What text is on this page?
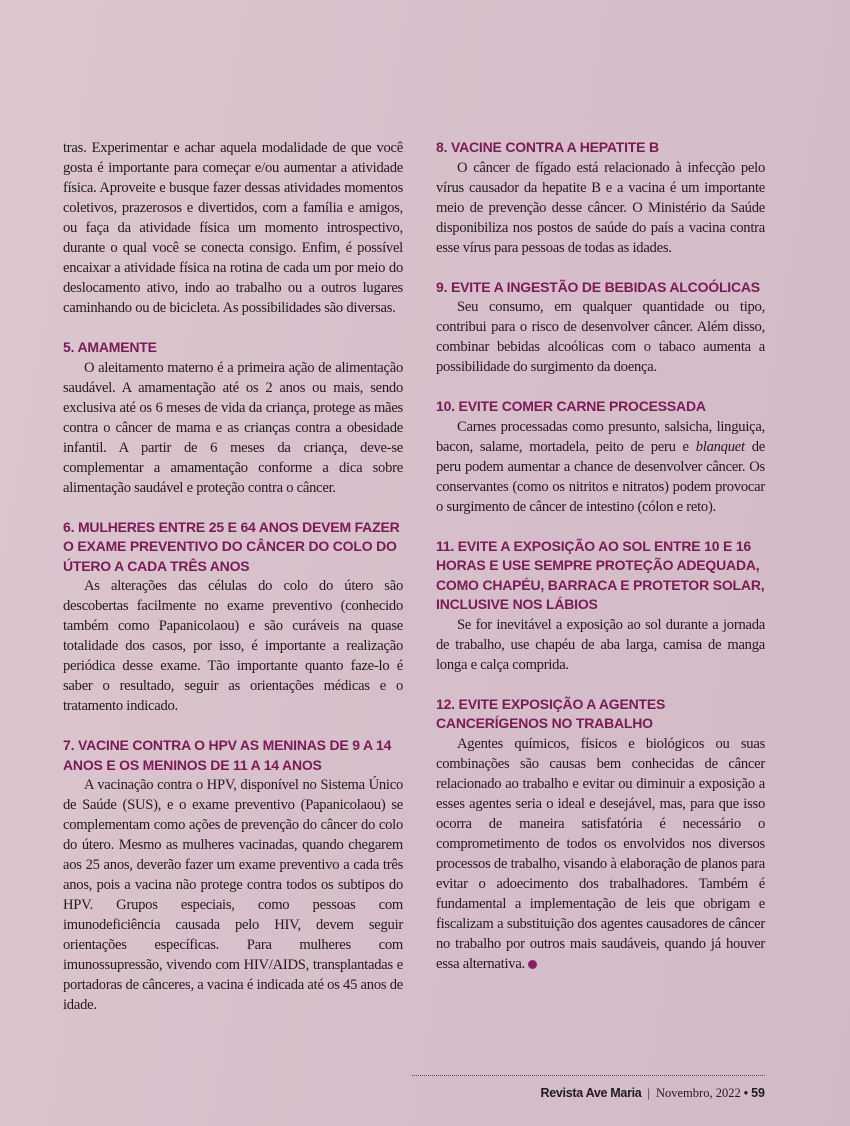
tras. Experimentar e achar aquela modalidade de que você gosta é importante para começar e/ou aumentar a atividade física. Aproveite e busque fazer dessas atividades momentos coletivos, prazerosos e divertidos, com a família e amigos, ou faça da atividade física um momento introspectivo, durante o qual você se conecta consigo. Enfim, é possível encaixar a atividade física na rotina de cada um por meio do deslocamento ativo, indo ao trabalho ou a outros lugares caminhando ou de bicicleta. As possibilidades são diversas.

5. AMAMENTE

O aleitamento materno é a primeira ação de alimentação saudável. A amamentação até os 2 anos ou mais, sendo exclusiva até os 6 meses de vida da criança, protege as mães contra o câncer de mama e as crianças contra a obesidade infantil. A partir de 6 meses da criança, deve-se complementar a amamentação conforme a dica sobre alimentação saudável e proteção contra o câncer.

6. MULHERES ENTRE 25 E 64 ANOS DEVEM FAZER O EXAME PREVENTIVO DO CÂNCER DO COLO DO ÚTERO A CADA TRÊS ANOS

As alterações das células do colo do útero são descobertas facilmente no exame preventivo (conhecido também como Papanicolaou) e são curáveis na quase totalidade dos casos, por isso, é importante a realização periódica desse exame. Tão importante quanto faze-lo é saber o resultado, seguir as orientações médicas e o tratamento indicado.

7. VACINE CONTRA O HPV AS MENINAS DE 9 A 14 ANOS E OS MENINOS DE 11 A 14 ANOS

A vacinação contra o HPV, disponível no Sistema Único de Saúde (SUS), e o exame preventivo (Papanicolaou) se complementam como ações de prevenção do câncer do colo do útero. Mesmo as mulheres vacinadas, quando chegarem aos 25 anos, deverão fazer um exame preventivo a cada três anos, pois a vacina não protege contra todos os subtipos do HPV. Grupos especiais, como pessoas com imunodeficiência causada pelo HIV, devem seguir orientações específicas. Para mulheres com imunossupressão, vivendo com HIV/AIDS, transplantadas e portadoras de cânceres, a vacina é indicada até os 45 anos de idade.

8. VACINE CONTRA A HEPATITE B

O câncer de fígado está relacionado à infecção pelo vírus causador da hepatite B e a vacina é um importante meio de prevenção desse câncer. O Ministério da Saúde disponibiliza nos postos de saúde do país a vacina contra esse vírus para pessoas de todas as idades.

9. EVITE A INGESTÃO DE BEBIDAS ALCOÓLICAS

Seu consumo, em qualquer quantidade ou tipo, contribui para o risco de desenvolver câncer. Além disso, combinar bebidas alcoólicas com o tabaco aumenta a possibilidade do surgimento da doença.

10. EVITE COMER CARNE PROCESSADA

Carnes processadas como presunto, salsicha, linguiça, bacon, salame, mortadela, peito de peru e blanquet de peru podem aumentar a chance de desenvolver câncer. Os conservantes (como os nitritos e nitratos) podem provocar o surgimento de câncer de intestino (cólon e reto).

11. EVITE A EXPOSIÇÃO AO SOL ENTRE 10 E 16 HORAS E USE SEMPRE PROTEÇÃO ADEQUADA, COMO CHAPÉU, BARRACA E PROTETOR SOLAR, INCLUSIVE NOS LÁBIOS

Se for inevitável a exposição ao sol durante a jornada de trabalho, use chapéu de aba larga, camisa de manga longa e calça comprida.

12. EVITE EXPOSIÇÃO A AGENTES CANCERÍGENOS NO TRABALHO

Agentes químicos, físicos e biológicos ou suas combinações são causas bem conhecidas de câncer relacionado ao trabalho e evitar ou diminuir a exposição a esses agentes seria o ideal e desejável, mas, para que isso ocorra de maneira satisfatória é necessário o comprometimento de todos os envolvidos nos diversos processos de trabalho, visando à elaboração de planos para evitar o adoecimento dos trabalhadores. Também é fundamental a implementação de leis que obrigam e fiscalizam a substituição dos agentes causadores de câncer no trabalho por outros mais saudáveis, quando já houver essa alternativa.

Revista Ave Maria | Novembro, 2022 • 59
